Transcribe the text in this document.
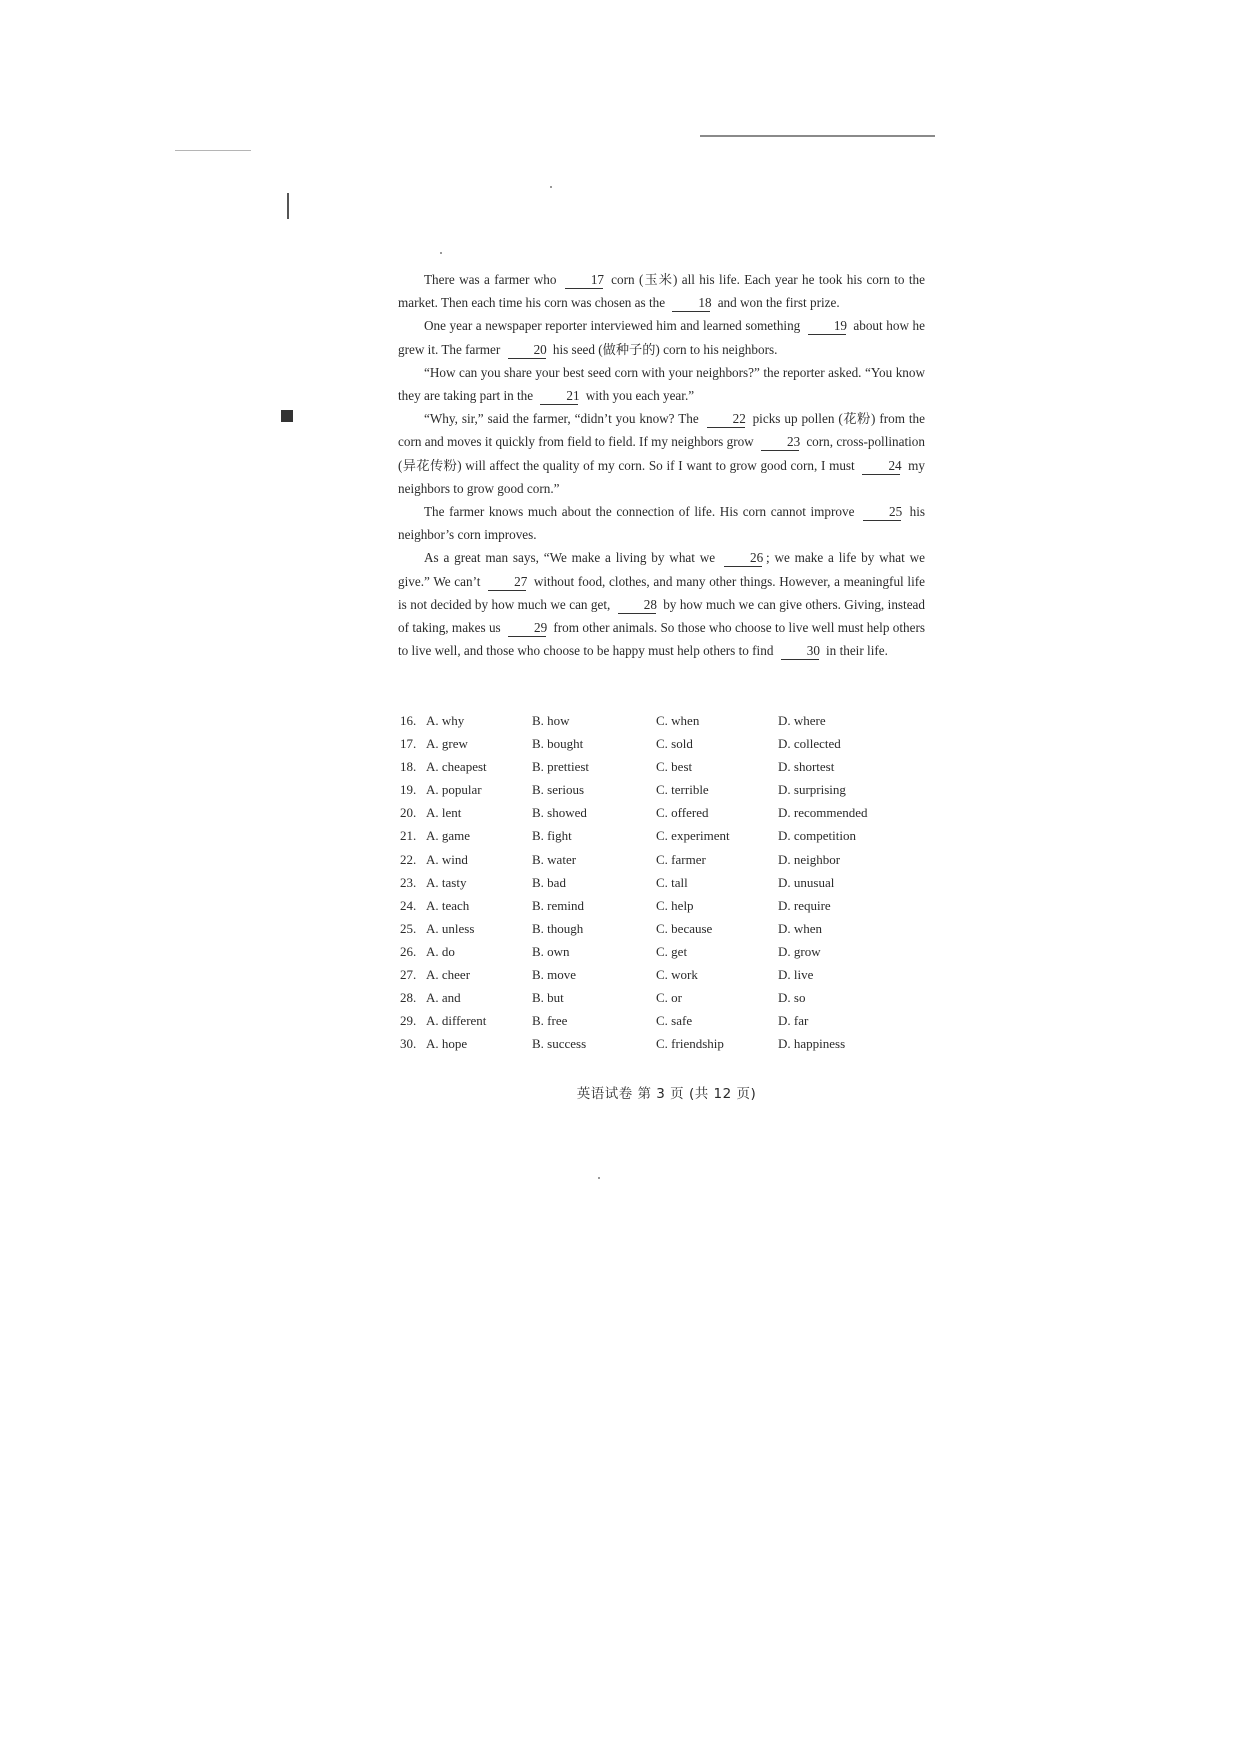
There was a farmer who 17 corn (玉米) all his life. Each year he took his corn to the market. Then each time his corn was chosen as the 18 and won the first prize.

One year a newspaper reporter interviewed him and learned something 19 about how he grew it. The farmer 20 his seed (做种子的) corn to his neighbors.

“How can you share your best seed corn with your neighbors?” the reporter asked. “You know they are taking part in the 21 with you each year.”

“Why, sir,” said the farmer, “didn’t you know? The 22 picks up pollen (花粉) from the corn and moves it quickly from field to field. If my neighbors grow 23 corn, cross-pollination (异花传粉) will affect the quality of my corn. So if I want to grow good corn, I must 24 my neighbors to grow good corn.”

The farmer knows much about the connection of life. His corn cannot improve 25 his neighbor’s corn improves.

As a great man says, “We make a living by what we 26 ; we make a life by what we give.” We can’t 27 without food, clothes, and many other things. However, a meaningful life is not decided by how much we can get, 28 by how much we can give others. Giving, instead of taking, makes us 29 from other animals. So those who choose to live well must help others to live well, and those who choose to be happy must help others to find 30 in their life.

16. A. why	B. how	C. when	D. where
17. A. grew	B. bought	C. sold	D. collected
18. A. cheapest	B. prettiest	C. best	D. shortest
19. A. popular	B. serious	C. terrible	D. surprising
20. A. lent	B. showed	C. offered	D. recommended
21. A. game	B. fight	C. experiment	D. competition
22. A. wind	B. water	C. farmer	D. neighbor
23. A. tasty	B. bad	C. tall	D. unusual
24. A. teach	B. remind	C. help	D. require
25. A. unless	B. though	C. because	D. when
26. A. do	B. own	C. get	D. grow
27. A. cheer	B. move	C. work	D. live
28. A. and	B. but	C. or	D. so
29. A. different	B. free	C. safe	D. far
30. A. hope	B. success	C. friendship	D. happiness
英语试卷 第 3 页 (共 12 页)
